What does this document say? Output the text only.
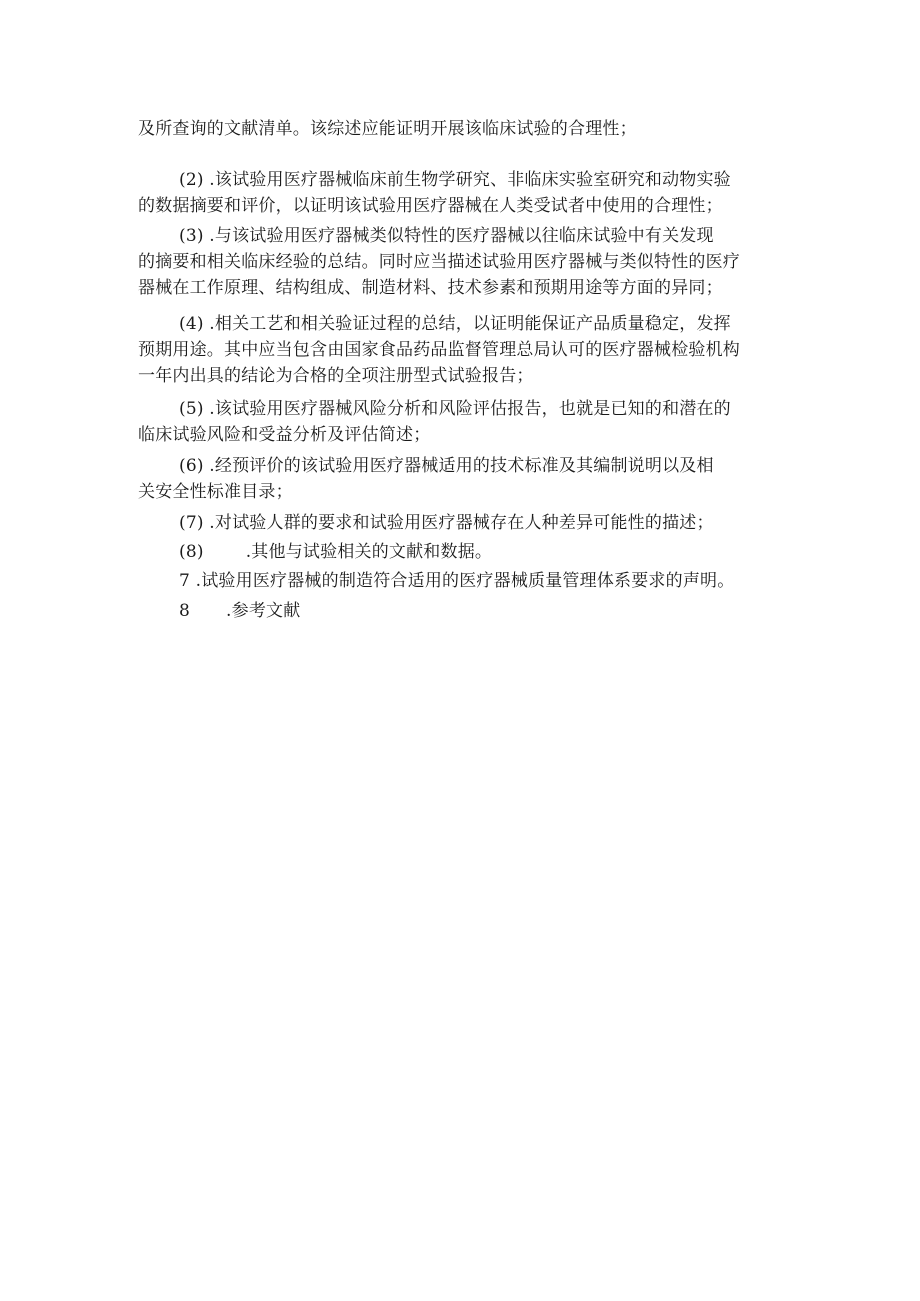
及所查询的文献清单。该综述应能证明开展该临床试验的合理性；

(2) .该试验用医疗器械临床前生物学研究、非临床实验室研究和动物实验
的数据摘要和评价，以证明该试验用医疗器械在人类受试者中使用的合理性；

(3) .与该试验用医疗器械类似特性的医疗器械以往临床试验中有关发现
的摘要和相关临床经验的总结。同时应当描述试验用医疗器械与类似特性的医疗
器械在工作原理、结构组成、制造材料、技术参素和预期用途等方面的异同；

(4) .相关工艺和相关验证过程的总结，以证明能保证产品质量稳定，发挥
预期用途。其中应当包含由国家食品药品监督管理总局认可的医疗器械检验机构
一年内出具的结论为合格的全项注册型式试验报告；

(5) .该试验用医疗器械风险分析和风险评估报告，也就是已知的和潜在的
临床试验风险和受益分析及评估简述；

(6) .经预评价的该试验用医疗器械适用的技术标准及其编制说明以及相
关安全性标准目录；

(7) .对试验人群的要求和试验用医疗器械存在人种差异可能性的描述；

(8) .其他与试验相关的文献和数据。

7 .试验用医疗器械的制造符合适用的医疗器械质量管理体系要求的声明。

8 .参考文献
